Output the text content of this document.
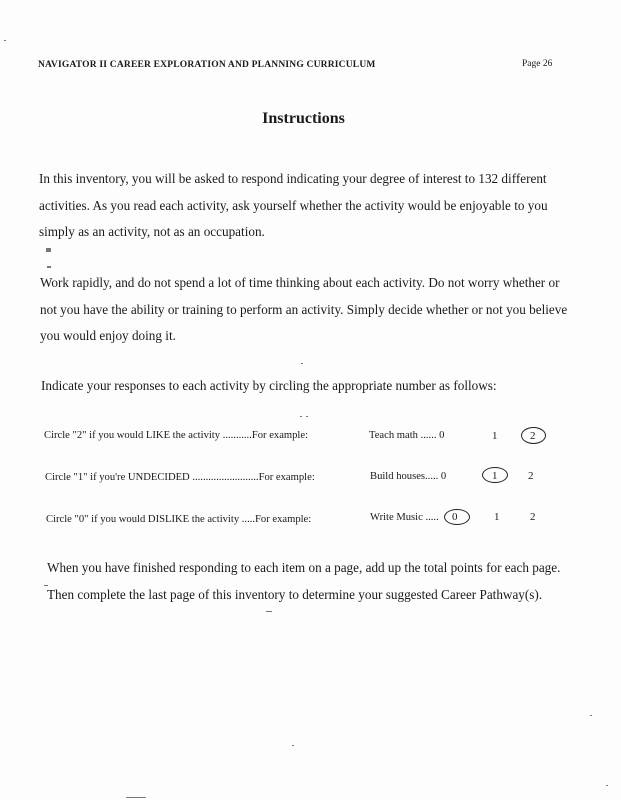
NAVIGATOR II CAREER EXPLORATION AND PLANNING CURRICULUM	Page 26
Instructions
In this inventory, you will be asked to respond indicating your degree of interest to 132 different activities. As you read each activity, ask yourself whether the activity would be enjoyable to you simply as an activity, not as an occupation.
Work rapidly, and do not spend a lot of time thinking about each activity. Do not worry whether or not you have the ability or training to perform an activity. Simply decide whether or not you believe you would enjoy doing it.
Indicate your responses to each activity by circling the appropriate number as follows:
Circle "2" if you would LIKE the activity ...........For example:	Teach math ...... 0	1	2
Circle "1" if you're UNDECIDED .........................For example:	Build houses..... 0	1	2
Circle "0" if you would DISLIKE the activity .....For example:	Write Music ..... 0	1	2
When you have finished responding to each item on a page, add up the total points for each page. Then complete the last page of this inventory to determine your suggested Career Pathway(s).
